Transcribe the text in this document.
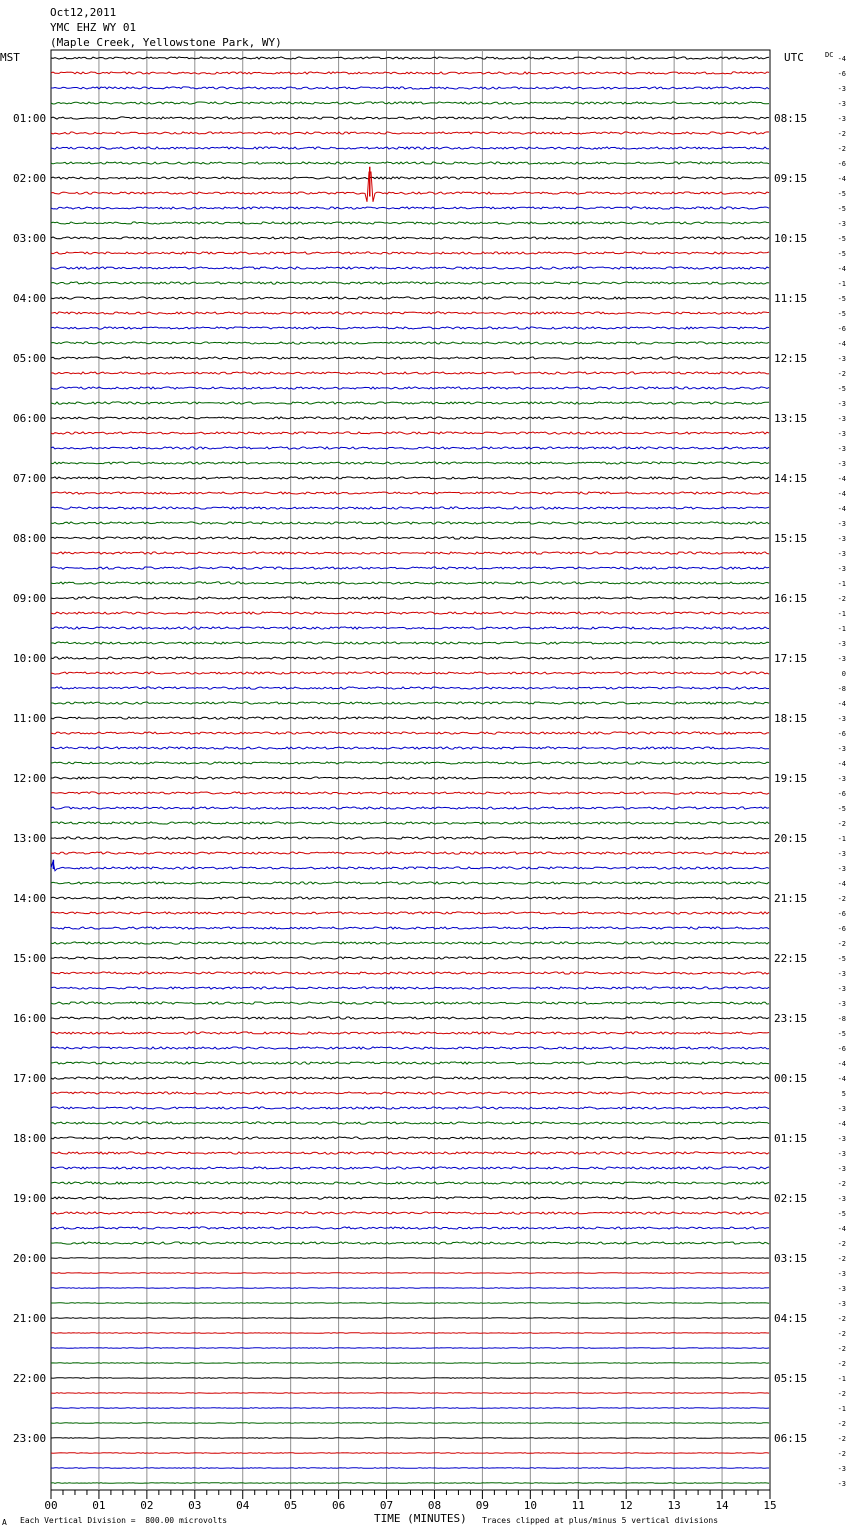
Oct12,2011
YMC EHZ WY 01
(Maple Creek, Yellowstone Park, WY)
MST	UTC	DC
01:00
02:00
03:00
04:00
05:00
06:00
07:00
08:00
09:00
10:00
11:00
12:00
13:00
14:00
15:00
16:00
17:00
18:00
19:00
20:00
21:00
22:00
23:00
08:15
09:15
10:15
11:15
12:15
13:15
14:15
15:15
16:15
17:15
18:15
19:15
20:15
21:15
22:15
23:15
00:15
01:15
02:15
03:15
04:15
05:15
06:15
-4
-6
-3
-3
-3
-2
-2
-6
-4
-5
-5
-3
-5
-5
-4
-1
-5
-5
-6
-4
-3
-2
-5
-3
-3
-3
-3
-3
-4
-4
-4
-3
-3
-3
-3
-1
-2
-1
-1
-3
-3
0
-8
-4
-3
-6
-3
-4
-3
-6
-5
-2
-1
-3
-3
-4
-2
-6
-6
-2
-5
-3
-3
-3
-8
-5
-6
-4
-4
5
-3
-4
-3
-3
-3
-2
-3
-5
-4
-2
-2
-3
-3
-3
-2
-2
-2
-2
-1
-2
-1
-2
-2
-2
-3
-3
00	01	02	03	04	05	06	07	08	09	10	11	12	13	14	15
A Each Vertical Division =  800.00 microvolts	TIME (MINUTES) Traces clipped at plus/minus 5 vertical divisions
